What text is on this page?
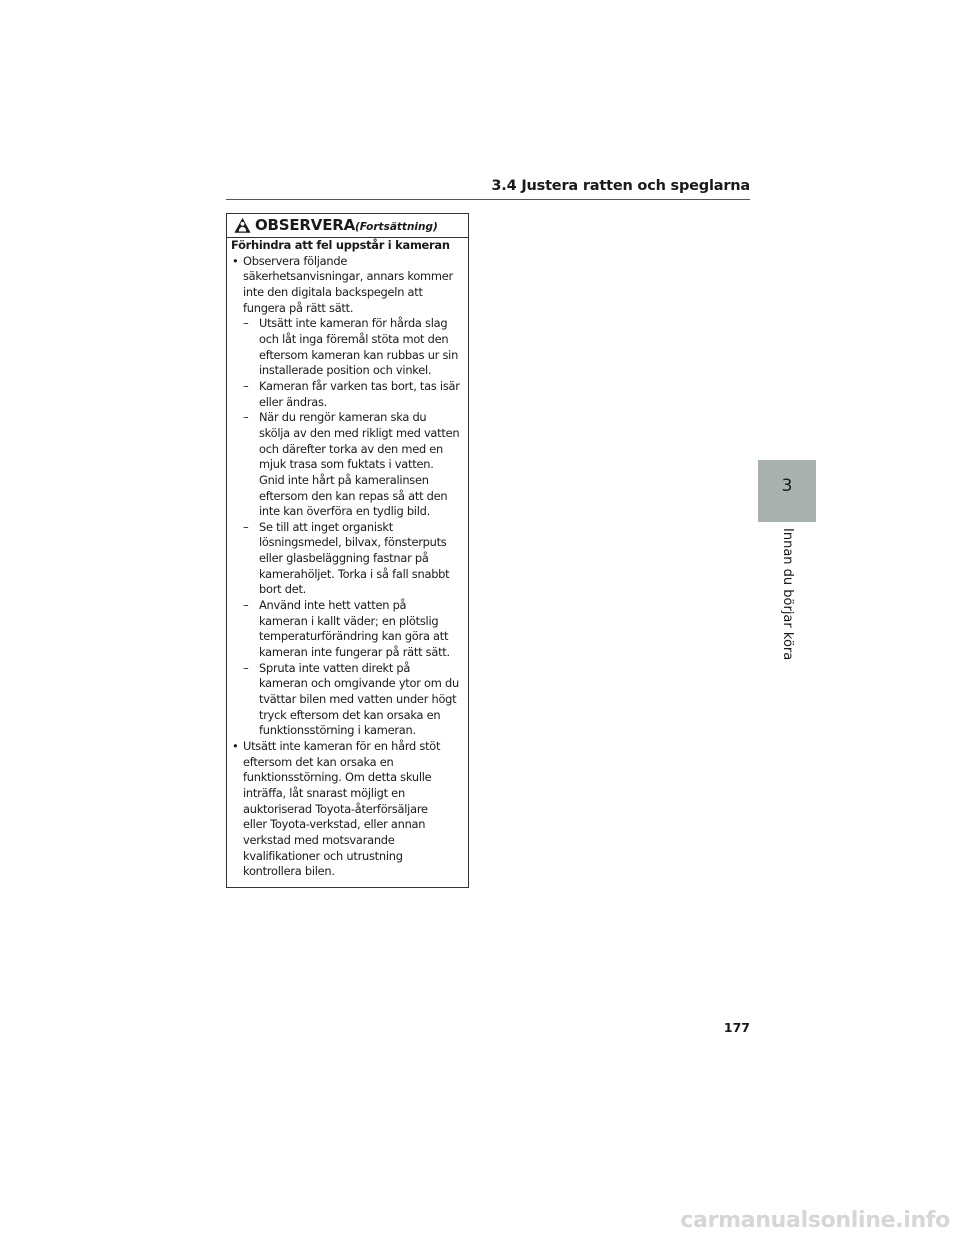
3.4 Justera ratten och speglarna
OBSERVERA (Fortsättning)
Förhindra att fel uppstår i kameran
• Observera följande
säkerhetsanvisningar, annars kommer
inte den digitala backspegeln att
fungera på rätt sätt.
– Utsätt inte kameran för hårda slag
och låt inga föremål stöta mot den
eftersom kameran kan rubbas ur sin
installerade position och vinkel.
– Kameran får varken tas bort, tas isär
eller ändras.
– När du rengör kameran ska du
skölja av den med rikligt med vatten
och därefter torka av den med en
mjuk trasa som fuktats i vatten.
Gnid inte hårt på kameralinsen
eftersom den kan repas så att den
inte kan överföra en tydlig bild.
– Se till att inget organiskt
lösningsmedel, bilvax, fönsterputs
eller glasbeläggning fastnar på
kamerahöljet. Torka i så fall snabbt
bort det.
– Använd inte hett vatten på
kameran i kallt väder; en plötslig
temperaturförändring kan göra att
kameran inte fungerar på rätt sätt.
– Spruta inte vatten direkt på
kameran och omgivande ytor om du
tvättar bilen med vatten under högt
tryck eftersom det kan orsaka en
funktionsstörning i kameran.
• Utsätt inte kameran för en hård stöt
eftersom det kan orsaka en
funktionsstörning. Om detta skulle
inträffa, låt snarast möjligt en
auktoriserad Toyota-återförsäljare
eller Toyota-verkstad, eller annan
verkstad med motsvarande
kvalifikationer och utrustning
kontrollera bilen.
3
Innan du börjar köra
177
carmanualsonline.info
